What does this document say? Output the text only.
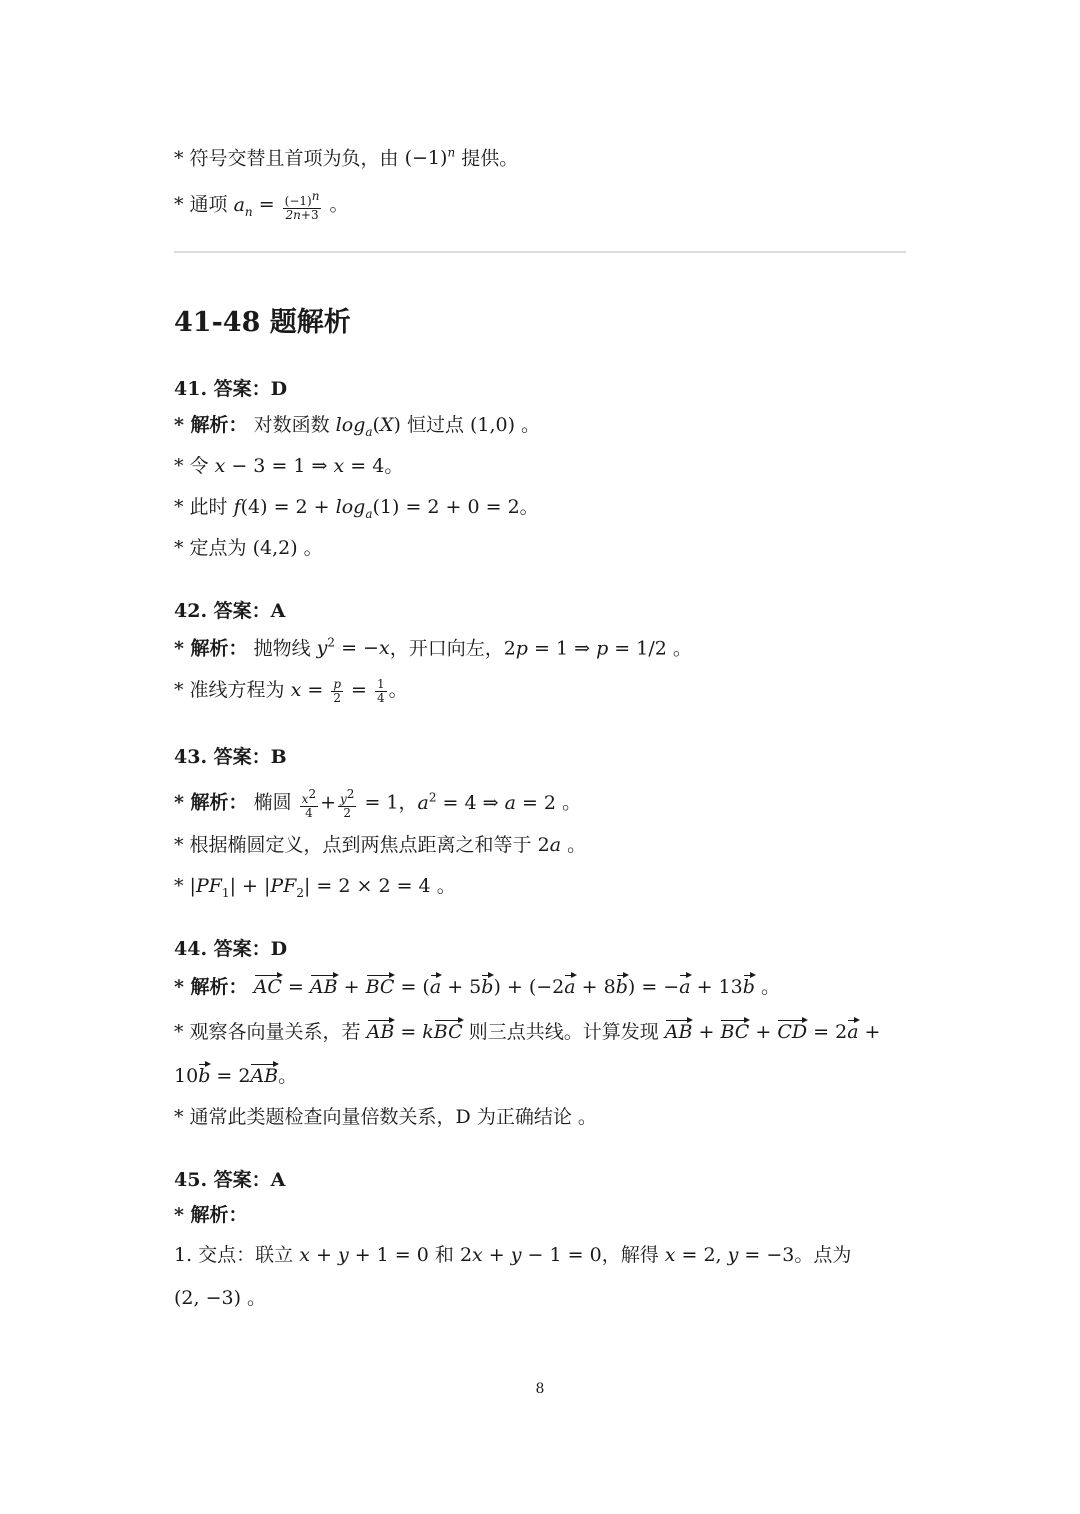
* 符号交替且首项为负，由 $(-1)^n$ 提供。
* 通项 $a_n = \frac{(-1)^n}{2n+3}$ 。
41-48 题解析
41. 答案：D
* 解析： 对数函数 $\log_a(X)$ 恒过点 (1,0) 。
* 令 x − 3 = 1 ⇒ x = 4。
* 此时 $f(4) = 2 + \log_a(1) = 2 + 0 = 2$。
* 定点为 (4,2) 。
42. 答案：A
* 解析： 抛物线 $y^2 = -x$，开口向左，2p = 1 ⇒ p = 1/2 。
* 准线方程为 $x = \frac{p}{2} = \frac{1}{4}$ 。
43. 答案：B
* 解析： 椭圆 $\frac{x^2}{4} + \frac{y^2}{2} = 1$，$a^2 = 4$ ⇒ a = 2 。
* 根据椭圆定义，点到两焦点距离之和等于 2a 。
* $|PF_1| + |PF_2| = 2 \times 2 = 4$ 。
44. 答案：D
* 解析： AC = AB + BC = (a + 5b) + (−2a + 8b) = −a + 13b 。
* 观察各向量关系，若 AB = kBC 则三点共线。计算发现 AB + BC + CD = 2a +
10b = 2AB。
* 通常此类题检查向量倍数关系，D 为正确结论 。
45. 答案：A
* 解析：
1. 交点：联立 x + y + 1 = 0 和 2x + y − 1 = 0，解得 x = 2, y = −3。点为
(2, −3) 。
8
